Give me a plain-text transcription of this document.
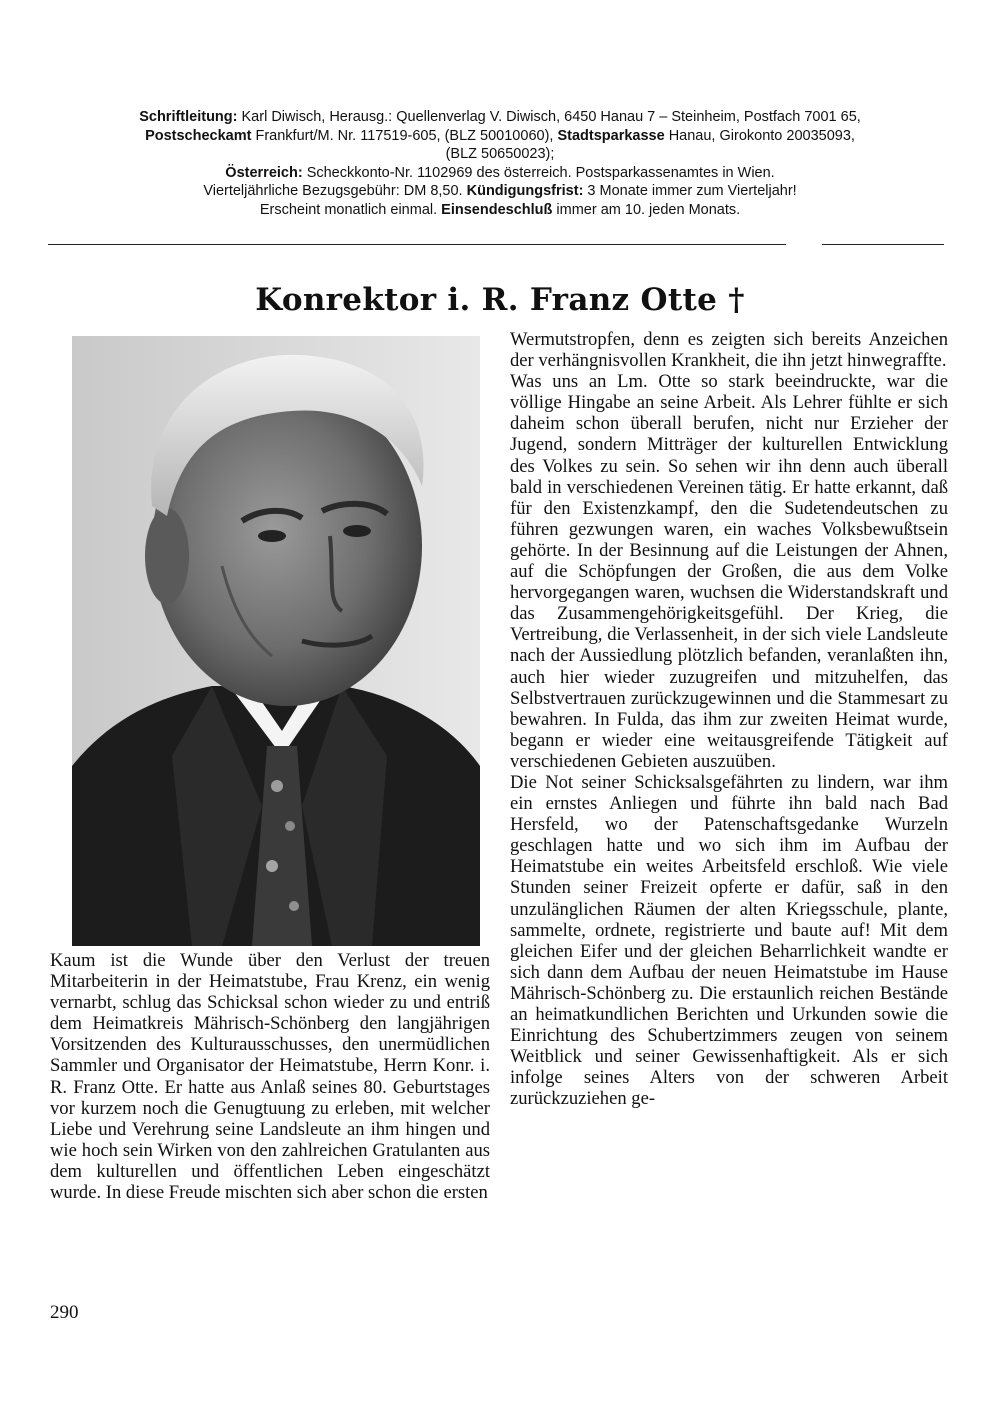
Schriftleitung: Karl Diwisch, Herausg.: Quellenverlag V. Diwisch, 6450 Hanau 7 – Steinheim, Postfach 7001 65,
Postscheckamt Frankfurt/M. Nr. 117519-605, (BLZ 50010060), Stadtsparkasse Hanau, Girokonto 20035093,
(BLZ 50650023);
Österreich: Scheckkonto-Nr. 1102969 des österreich. Postsparkassenamtes in Wien.
Vierteljährliche Bezugsgebühr: DM 8,50. Kündigungsfrist: 3 Monate immer zum Vierteljahr!
Erscheint monatlich einmal. Einsendeschluß immer am 10. jeden Monats.
Konrektor i. R. Franz Otte †

Kaum ist die Wunde über den Verlust der treuen Mitarbeiterin in der Heimatstube, Frau Krenz, ein wenig vernarbt, schlug das Schicksal schon wieder zu und entriß dem Heimatkreis Mährisch-Schönberg den langjährigen Vorsitzenden des Kulturausschusses, den unermüdlichen Sammler und Organisator der Heimatstube, Herrn Konr. i. R. Franz Otte. Er hatte aus Anlaß seines 80. Geburtstages vor kurzem noch die Genugtuung zu erleben, mit welcher Liebe und Verehrung seine Landsleute an ihm hingen und wie hoch sein Wirken von den zahlreichen Gratulanten aus dem kulturellen und öffentlichen Leben eingeschätzt wurde. In diese Freude mischten sich aber schon die ersten

Wermutstropfen, denn es zeigten sich bereits Anzeichen der verhängnisvollen Krankheit, die ihn jetzt hinwegraffte.

Was uns an Lm. Otte so stark beeindruckte, war die völlige Hingabe an seine Arbeit. Als Lehrer fühlte er sich daheim schon überall berufen, nicht nur Erzieher der Jugend, sondern Mitträger der kulturellen Entwicklung des Volkes zu sein. So sehen wir ihn denn auch überall bald in verschiedenen Vereinen tätig. Er hatte erkannt, daß für den Existenzkampf, den die Sudetendeutschen zu führen gezwungen waren, ein waches Volksbewußtsein gehörte. In der Besinnung auf die Leistungen der Ahnen, auf die Schöpfungen der Großen, die aus dem Volke hervorgegangen waren, wuchsen die Widerstandskraft und das Zusammengehörigkeitsgefühl. Der Krieg, die Vertreibung, die Verlassenheit, in der sich viele Landsleute nach der Aussiedlung plötzlich befanden, veranlaßten ihn, auch hier wieder zuzugreifen und mitzuhelfen, das Selbstvertrauen zurückzugewinnen und die Stammesart zu bewahren. In Fulda, das ihm zur zweiten Heimat wurde, begann er wieder eine weitausgreifende Tätigkeit auf verschiedenen Gebieten auszuüben.

Die Not seiner Schicksalsgefährten zu lindern, war ihm ein ernstes Anliegen und führte ihn bald nach Bad Hersfeld, wo der Patenschaftsgedanke Wurzeln geschlagen hatte und wo sich ihm im Aufbau der Heimatstube ein weites Arbeitsfeld erschloß. Wie viele Stunden seiner Freizeit opferte er dafür, saß in den unzulänglichen Räumen der alten Kriegsschule, plante, sammelte, ordnete, registrierte und baute auf! Mit dem gleichen Eifer und der gleichen Beharrlichkeit wandte er sich dann dem Aufbau der neuen Heimatstube im Hause Mährisch-Schönberg zu. Die erstaunlich reichen Bestände an heimatkundlichen Berichten und Urkunden sowie die Einrichtung des Schubertzimmers zeugen von seinem Weitblick und seiner Gewissenhaftigkeit. Als er sich infolge seines Alters von der schweren Arbeit zurückzuziehen ge-

290
